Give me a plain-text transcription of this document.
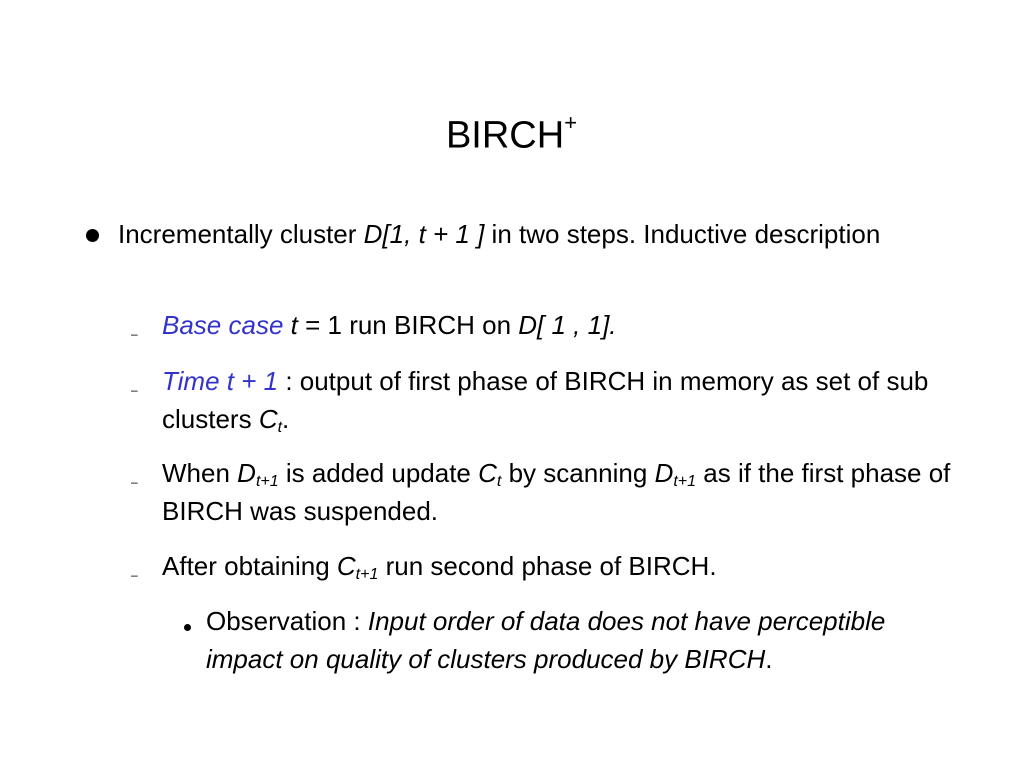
BIRCH+
Incrementally cluster D[1, t + 1 ] in two steps. Inductive description
– Base case t = 1 run BIRCH on D[ 1 , 1].
– Time t + 1 : output of first phase of BIRCH in memory as set of sub clusters $C_t$.
– When $D_{t+1}$ is added update $C_t$ by scanning $D_{t+1}$ as if the first phase of BIRCH was suspended.
– After obtaining $C_{t+1}$ run second phase of BIRCH.
Observation : Input order of data does not have perceptible impact on quality of clusters produced by BIRCH.
